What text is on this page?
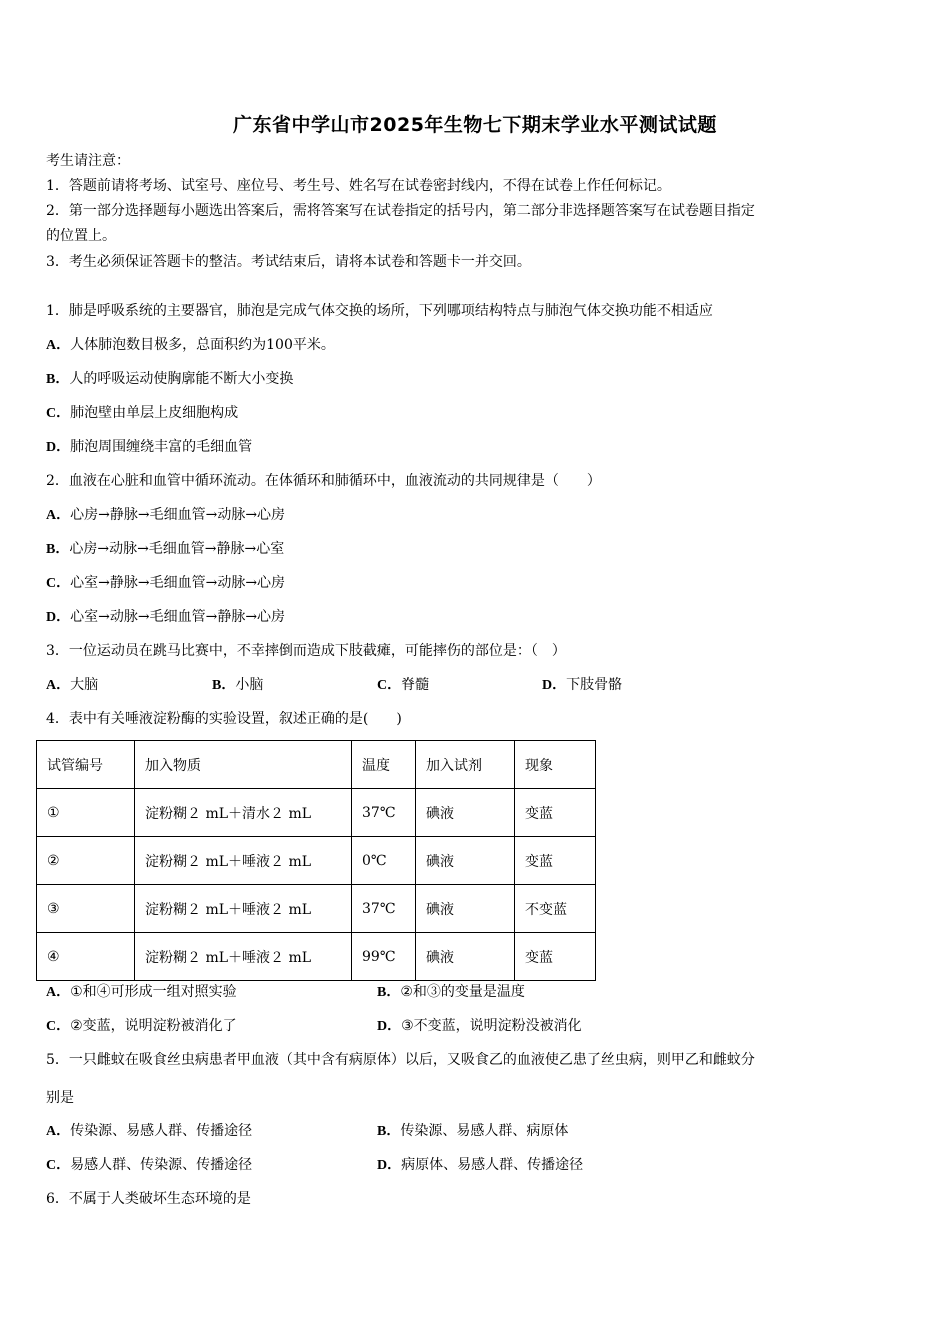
广东省中学山市2025年生物七下期末学业水平测试试题
考生请注意：
1．答题前请将考场、试室号、座位号、考生号、姓名写在试卷密封线内，不得在试卷上作任何标记。
2．第一部分选择题每小题选出答案后，需将答案写在试卷指定的括号内，第二部分非选择题答案写在试卷题目指定
的位置上。
3．考生必须保证答题卡的整洁。考试结束后，请将本试卷和答题卡一并交回。
1．肺是呼吸系统的主要器官，肺泡是完成气体交换的场所，下列哪项结构特点与肺泡气体交换功能不相适应
A．人体肺泡数目极多，总面积约为100平米。
B．人的呼吸运动使胸廓能不断大小变换
C．肺泡壁由单层上皮细胞构成
D．肺泡周围缠绕丰富的毛细血管
2．血液在心脏和血管中循环流动。在体循环和肺循环中，血液流动的共同规律是（　　）
A．心房→静脉→毛细血管→动脉→心房
B．心房→动脉→毛细血管→静脉→心室
C．心室→静脉→毛细血管→动脉→心房
D．心室→动脉→毛细血管→静脉→心房
3．一位运动员在跳马比赛中，不幸摔倒而造成下肢截瘫，可能摔伤的部位是：（　）
A．大脑	B．小脑	C．脊髓	D．下肢骨骼
4．表中有关唾液淀粉酶的实验设置，叙述正确的是(　　)
试管编号	加入物质	温度	加入试剂	现象
①	淀粉糊２ mL＋清水２ mL	37℃	碘液	变蓝
②	淀粉糊２ mL＋唾液２ mL	0℃	碘液	变蓝
③	淀粉糊２ mL＋唾液２ mL	37℃	碘液	不变蓝
④	淀粉糊２ mL＋唾液２ mL	99℃	碘液	变蓝
A．①和④可形成一组对照实验	B．②和③的变量是温度
C．②变蓝，说明淀粉被消化了	D．③不变蓝，说明淀粉没被消化
5．一只雌蚊在吸食丝虫病患者甲血液（其中含有病原体）以后，又吸食乙的血液使乙患了丝虫病，则甲乙和雌蚊分
别是
A．传染源、易感人群、传播途径	B．传染源、易感人群、病原体
C．易感人群、传染源、传播途径	D．病原体、易感人群、传播途径
6．不属于人类破坏生态环境的是
